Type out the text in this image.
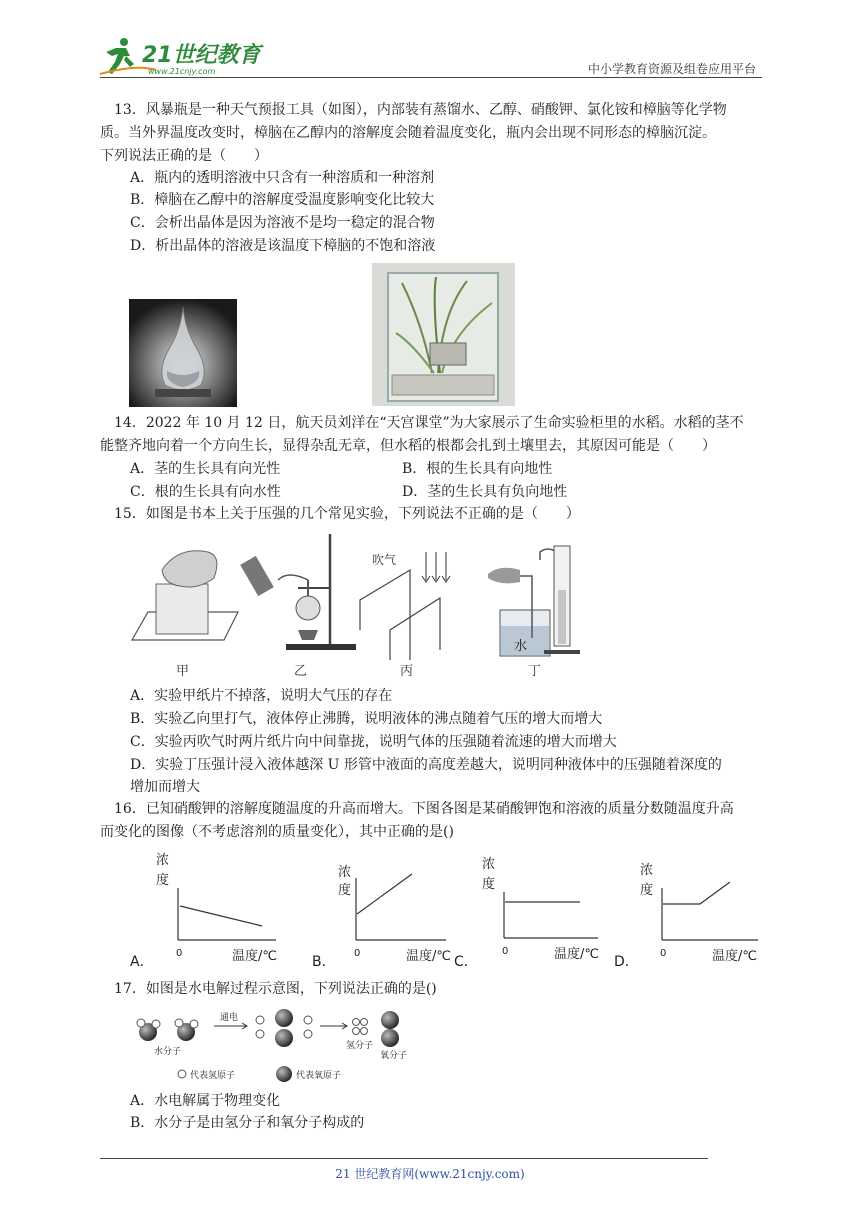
21世纪教育
www.21cnjy.com	中小学教育资源及组卷应用平台
13．风暴瓶是一种天气预报工具（如图），内部装有蒸馏水、乙醇、硝酸钾、氯化铵和樟脑等化学物
质。当外界温度改变时，樟脑在乙醇内的溶解度会随着温度变化，瓶内会出现不同形态的樟脑沉淀。
下列说法正确的是（　　）
A．瓶内的透明溶液中只含有一种溶质和一种溶剂
B．樟脑在乙醇中的溶解度受温度影响变化比较大
C．会析出晶体是因为溶液不是均一稳定的混合物
D．析出晶体的溶液是该温度下樟脑的不饱和溶液
14．2022 年 10 月 12 日，航天员刘洋在“天宫课堂”为大家展示了生命实验柜里的水稻。水稻的茎不
能整齐地向着一个方向生长，显得杂乱无章，但水稻的根都会扎到土壤里去，其原因可能是（　　）
A．茎的生长具有向光性	B．根的生长具有向地性
C．根的生长具有向水性	D．茎的生长具有负向地性
15．如图是书本上关于压强的几个常见实验，下列说法不正确的是（　　）
甲	乙
吹气
丙
水
丁
A．实验甲纸片不掉落，说明大气压的存在
B．实验乙向里打气，液体停止沸腾，说明液体的沸点随着气压的增大而增大
C．实验丙吹气时两片纸片向中间靠拢，说明气体的压强随着流速的增大而增大
D．实验丁压强计浸入液体越深 U 形管中液面的高度差越大，说明同种液体中的压强随着深度的
增加而增大
16．已知硝酸钾的溶解度随温度的升高而增大。下图各图是某硝酸钾饱和溶液的质量分数随温度升高
而变化的图像（不考虑溶剂的质量变化），其中正确的是()
浓
度
0	温度/℃
A．
浓
度
0	温度/℃
B．
浓
度
0	温度/℃
C．
浓
度
0	温度/℃
D．
17．如图是水电解过程示意图，下列说法正确的是()
水分子
通电
氢分子
氧分子
代表氢原子	代表氧原子
A．水电解属于物理变化
B．水分子是由氢分子和氧分子构成的
21 世纪教育网(www.21cnjy.com)
